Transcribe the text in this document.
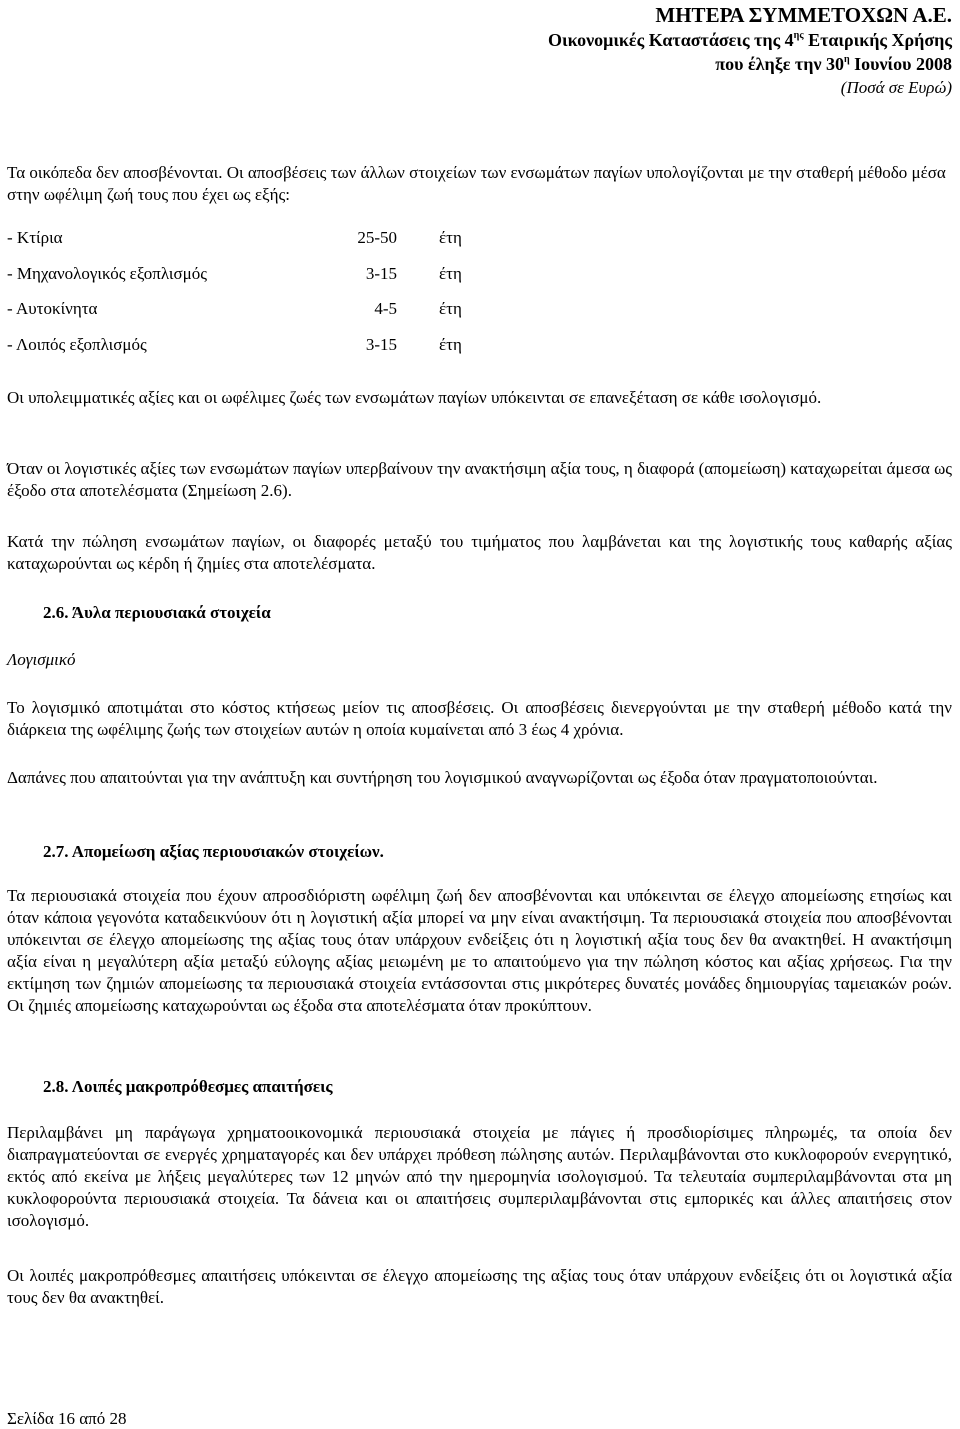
ΜΗΤΕΡΑ ΣΥΜΜΕΤΟΧΩΝ Α.Ε.
Οικονομικές Καταστάσεις της $4^{\eta\varsigma}$ Εταιρικής Χρήσης
που έληξε την $30^\eta$ Ιουνίου 2008
(Ποσά σε Ευρώ)
Τα οικόπεδα δεν αποσβένονται. Οι αποσβέσεις των άλλων στοιχείων των ενσωμάτων παγίων υπολογίζονται με την σταθερή μέθοδο μέσα στην ωφέλιμη ζωή τους που έχει ως εξής:
- Κτίρια	25-50	έτη
- Μηχανολογικός εξοπλισμός	3-15	έτη
- Αυτοκίνητα	4-5	έτη
- Λοιπός εξοπλισμός	3-15	έτη
Οι υπολειμματικές αξίες και οι ωφέλιμες ζωές των ενσωμάτων παγίων υπόκεινται σε επανεξέταση σε κάθε ισολογισμό.
Όταν οι λογιστικές αξίες των ενσωμάτων παγίων υπερβαίνουν την ανακτήσιμη αξία τους, η διαφορά (απομείωση) καταχωρείται άμεσα ως έξοδο στα αποτελέσματα (Σημείωση 2.6).
Κατά την πώληση ενσωμάτων παγίων, οι διαφορές μεταξύ του τιμήματος που λαμβάνεται και της λογιστικής τους καθαρής αξίας καταχωρούνται ως κέρδη ή ζημίες στα αποτελέσματα.
2.6. Άυλα περιουσιακά στοιχεία
Λογισμικό
Το λογισμικό αποτιμάται στο κόστος κτήσεως μείον τις αποσβέσεις. Οι αποσβέσεις διενεργούνται με την σταθερή μέθοδο κατά την διάρκεια της ωφέλιμης ζωής των στοιχείων αυτών η οποία κυμαίνεται από 3 έως 4 χρόνια.
Δαπάνες που απαιτούνται για την ανάπτυξη και συντήρηση του λογισμικού αναγνωρίζονται ως έξοδα όταν πραγματοποιούνται.
2.7. Απομείωση αξίας περιουσιακών στοιχείων.
Τα περιουσιακά στοιχεία που έχουν απροσδιόριστη ωφέλιμη ζωή δεν αποσβένονται και υπόκεινται σε έλεγχο απομείωσης ετησίως και όταν κάποια γεγονότα καταδεικνύουν ότι η λογιστική αξία μπορεί να μην είναι ανακτήσιμη. Τα περιουσιακά στοιχεία που αποσβένονται υπόκεινται σε έλεγχο απομείωσης της αξίας τους όταν υπάρχουν ενδείξεις ότι η λογιστική αξία τους δεν θα ανακτηθεί. Η ανακτήσιμη αξία είναι η μεγαλύτερη αξία μεταξύ εύλογης αξίας μειωμένη με το απαιτούμενο για την πώληση κόστος και αξίας χρήσεως. Για την εκτίμηση των ζημιών απομείωσης τα περιουσιακά στοιχεία εντάσσονται στις μικρότερες δυνατές μονάδες δημιουργίας ταμειακών ροών. Οι ζημιές απομείωσης καταχωρούνται ως έξοδα στα αποτελέσματα όταν προκύπτουν.
2.8. Λοιπές μακροπρόθεσμες απαιτήσεις
Περιλαμβάνει μη παράγωγα χρηματοοικονομικά περιουσιακά στοιχεία με πάγιες ή προσδιορίσιμες πληρωμές, τα οποία δεν διαπραγματεύονται σε ενεργές χρηματαγορές και δεν υπάρχει πρόθεση πώλησης αυτών. Περιλαμβάνονται στο κυκλοφορούν ενεργητικό, εκτός από εκείνα με λήξεις μεγαλύτερες των 12 μηνών από την ημερομηνία ισολογισμού. Τα τελευταία συμπεριλαμβάνονται στα μη κυκλοφορούντα περιουσιακά στοιχεία. Τα δάνεια και οι απαιτήσεις συμπεριλαμβάνονται στις εμπορικές και άλλες απαιτήσεις στον ισολογισμό.
Οι λοιπές μακροπρόθεσμες απαιτήσεις υπόκεινται σε έλεγχο απομείωσης της αξίας τους όταν υπάρχουν ενδείξεις ότι οι λογιστικά αξία τους δεν θα ανακτηθεί.
Σελίδα 16 από 28
